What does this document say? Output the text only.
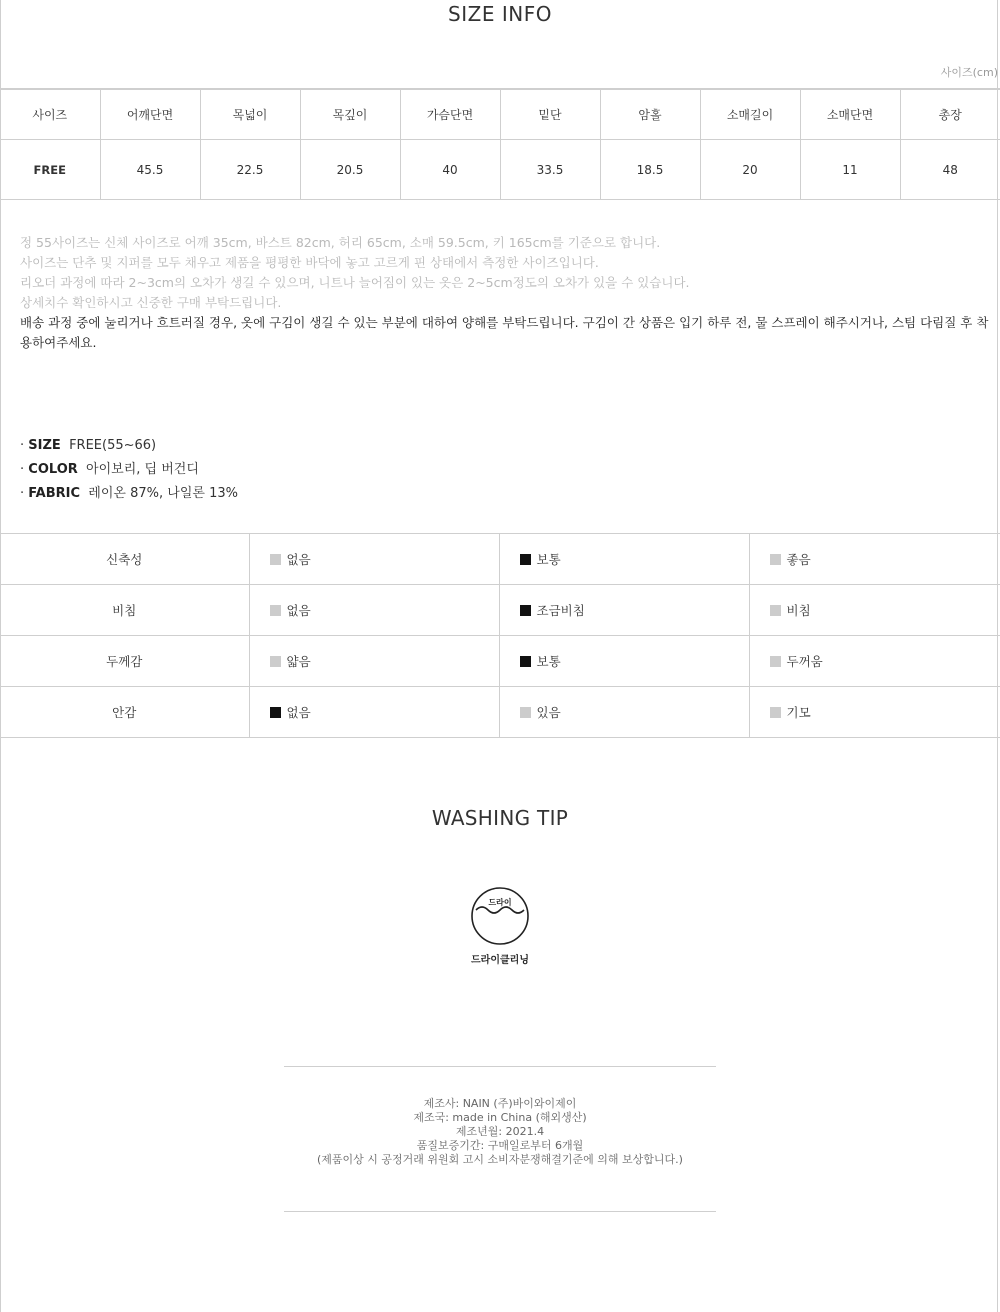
SIZE INFO
사이즈(cm)
사이즈	어깨단면	목넓이	목깊이	가슴단면	밑단	암홀	소매길이	소매단면	총장
FREE	45.5	22.5	20.5	40	33.5	18.5	20	11	48
정 55사이즈는 신체 사이즈로 어깨 35cm, 바스트 82cm, 허리 65cm, 소매 59.5cm, 키 165cm를 기준으로 합니다.
사이즈는 단추 및 지퍼를 모두 채우고 제품을 평평한 바닥에 놓고 고르게 핀 상태에서 측정한 사이즈입니다.
리오더 과정에 따라 2~3cm의 오차가 생길 수 있으며, 니트나 늘어짐이 있는 옷은 2~5cm정도의 오차가 있을 수 있습니다.
상세치수 확인하시고 신중한 구매 부탁드립니다.
배송 과정 중에 눌리거나 흐트러질 경우, 옷에 구김이 생길 수 있는 부분에 대하여 양해를 부탁드립니다. 구김이 간 상품은 입기 하루 전, 물 스프레이 해주시거나, 스팀 다림질 후 착용하여주세요.
· SIZE FREE(55~66)
· COLOR 아이보리, 딥 버건디
· FABRIC 레이온 87%, 나일론 13%
신축성	없음	보통	좋음
비침	없음	조금비침	비침
두께감	얇음	보통	두꺼움
안감	없음	있음	기모
WASHING TIP
드라이
드라이클리닝
제조사: NAIN (주)바이와이제이
제조국: made in China (해외생산)
제조년월: 2021.4
품질보증기간: 구매일로부터 6개월
(제품이상 시 공정거래 위원회 고시 소비자분쟁해결기준에 의해 보상합니다.)
